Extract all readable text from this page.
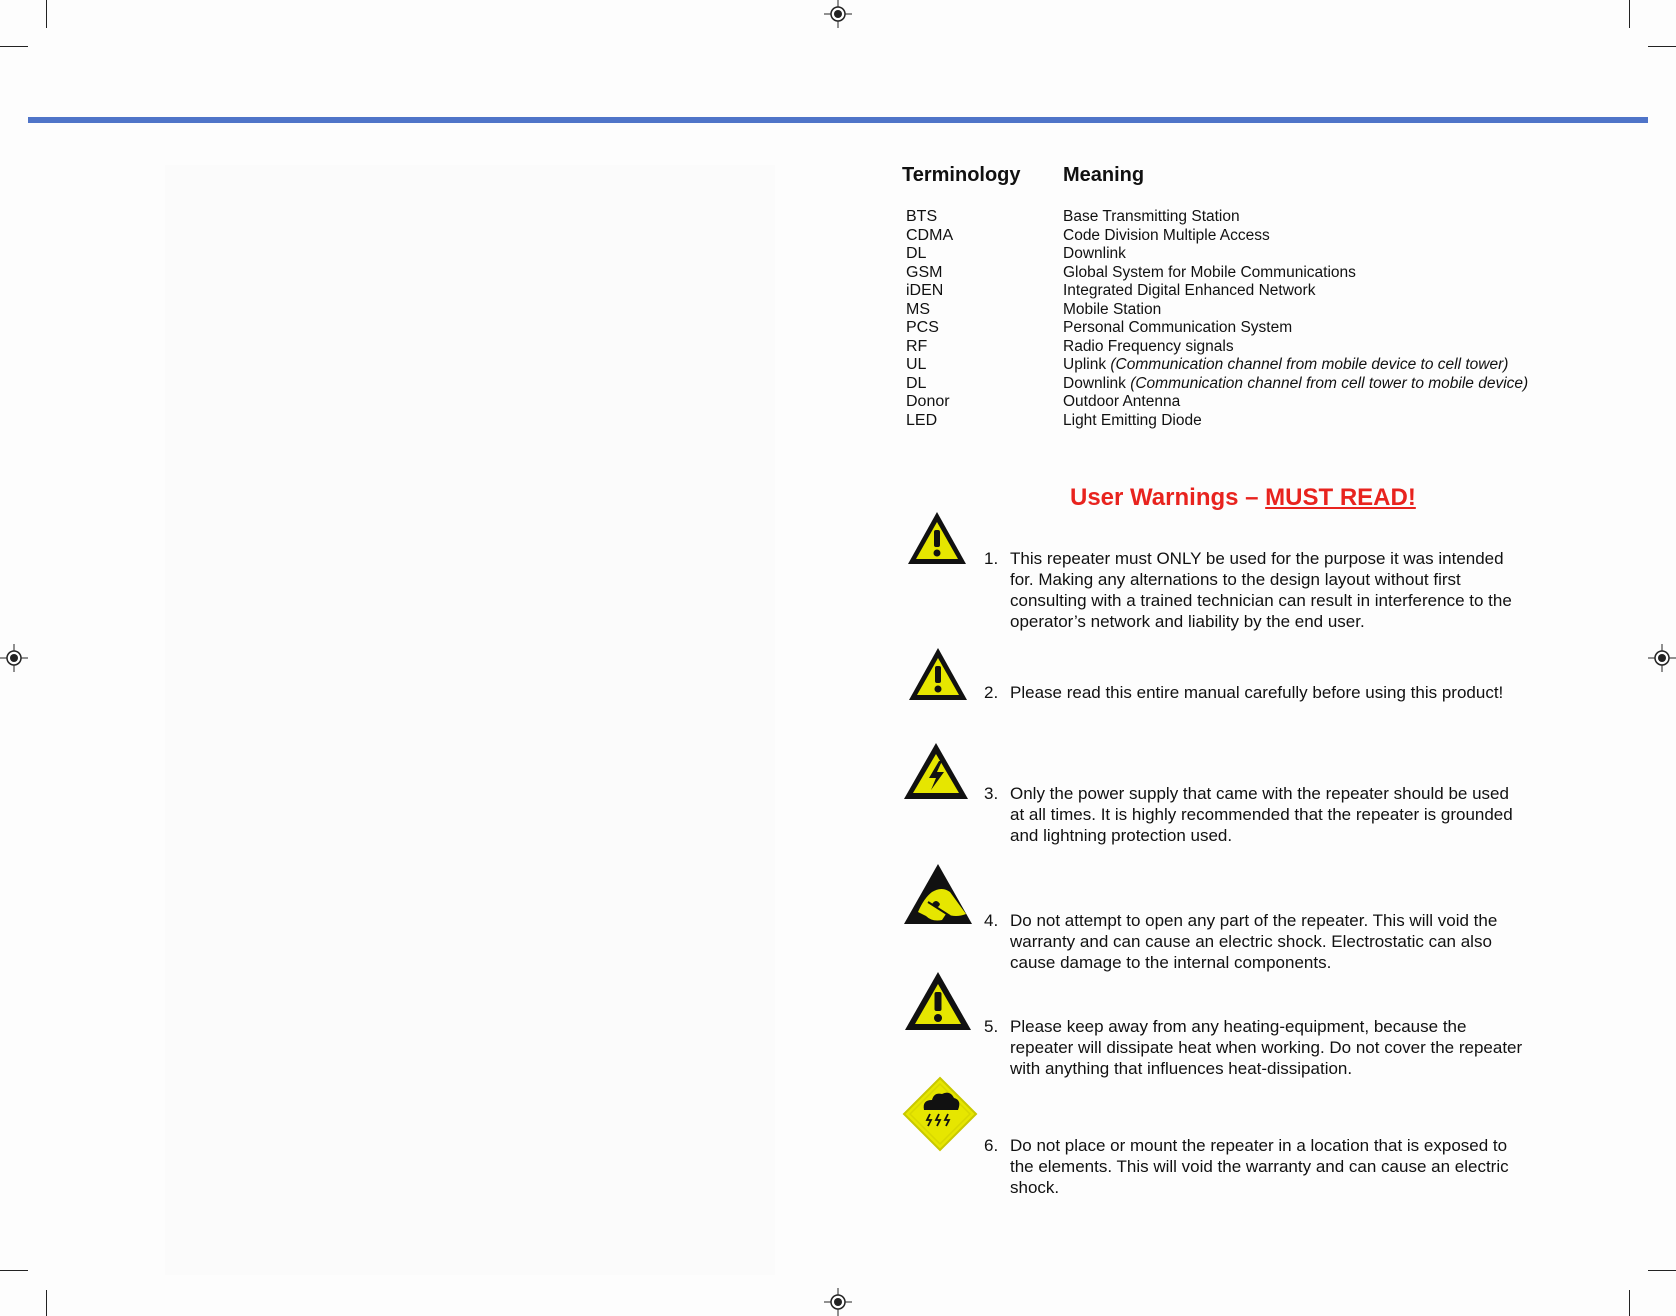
Terminology Meaning
BTS	Base Transmitting Station
CDMA	Code Division Multiple Access
DL	Downlink
GSM	Global System for Mobile Communications
iDEN	Integrated Digital Enhanced Network
MS	Mobile Station
PCS	Personal Communication System
RF	Radio Frequency signals
UL	Uplink (Communication channel from mobile device to cell tower)
DL	Downlink (Communication channel from cell tower to mobile device)
Donor	Outdoor Antenna
LED	Light Emitting Diode
User Warnings – MUST READ!
1. This repeater must ONLY be used for the purpose it was intended for. Making any alternations to the design layout without first consulting with a trained technician can result in interference to the operator’s network and liability by the end user.
2. Please read this entire manual carefully before using this product!
3. Only the power supply that came with the repeater should be used at all times. It is highly recommended that the repeater is grounded and lightning protection used.
4. Do not attempt to open any part of the repeater. This will void the warranty and can cause an electric shock. Electrostatic can also cause damage to the internal components.
5. Please keep away from any heating-equipment, because the repeater will dissipate heat when working. Do not cover the repeater with anything that influences heat-dissipation.
6. Do not place or mount the repeater in a location that is exposed to the elements. This will void the warranty and can cause an electric shock.
